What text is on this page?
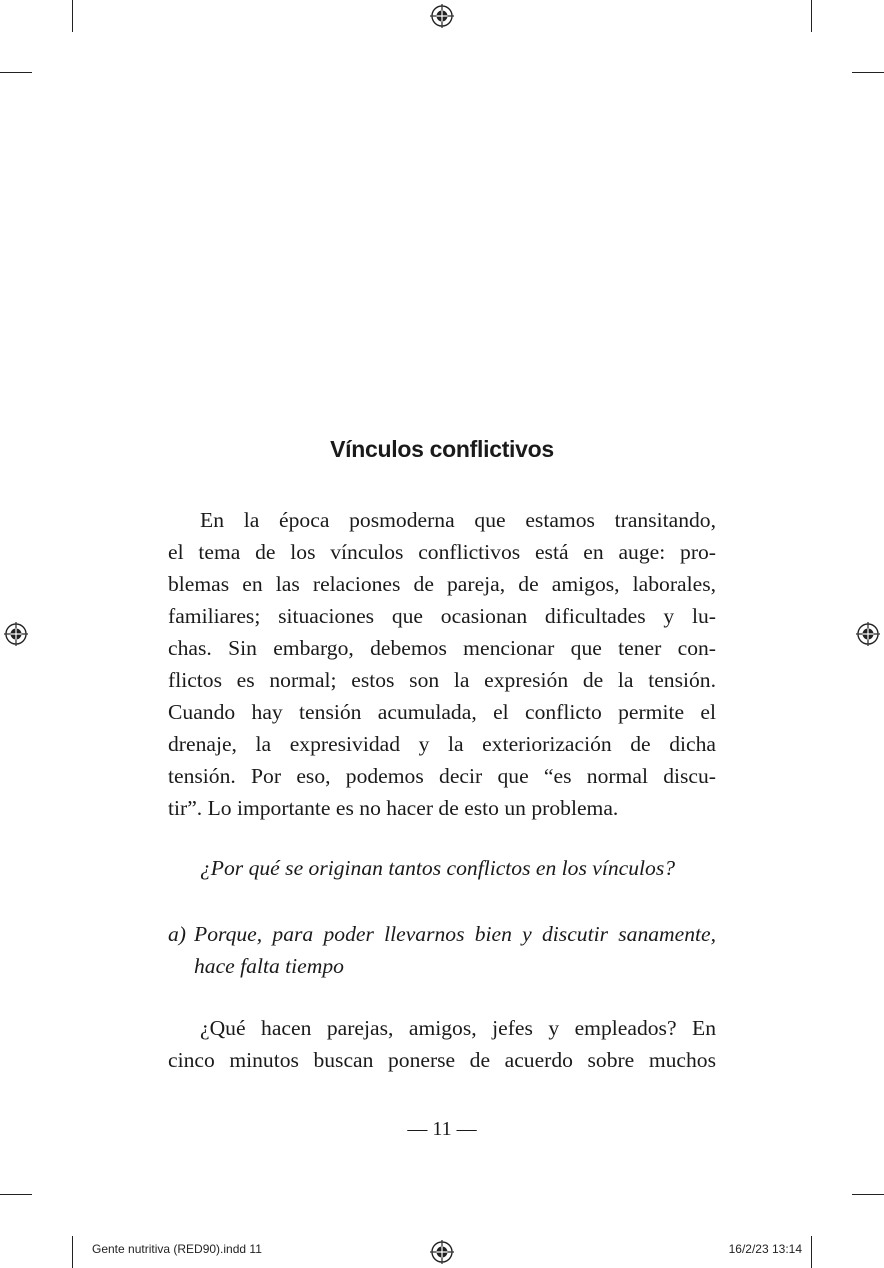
Vínculos conflictivos

En la época posmoderna que estamos transitando,
el tema de los vínculos conflictivos está en auge: pro-
blemas en las relaciones de pareja, de amigos, laborales,
familiares; situaciones que ocasionan dificultades y lu-
chas. Sin embargo, debemos mencionar que tener con-
flictos es normal; estos son la expresión de la tensión.
Cuando hay tensión acumulada, el conflicto permite el
drenaje, la expresividad y la exteriorización de dicha
tensión. Por eso, podemos decir que “es normal discu-
tir”. Lo importante es no hacer de esto un problema.

¿Por qué se originan tantos conflictos en los vínculos?

a) Porque, para poder llevarnos bien y discutir sanamente,
hace falta tiempo

¿Qué hacen parejas, amigos, jefes y empleados? En
cinco minutos buscan ponerse de acuerdo sobre muchos

— 11 —

Gente nutritiva (RED90).indd 11	16/2/23 13:14
